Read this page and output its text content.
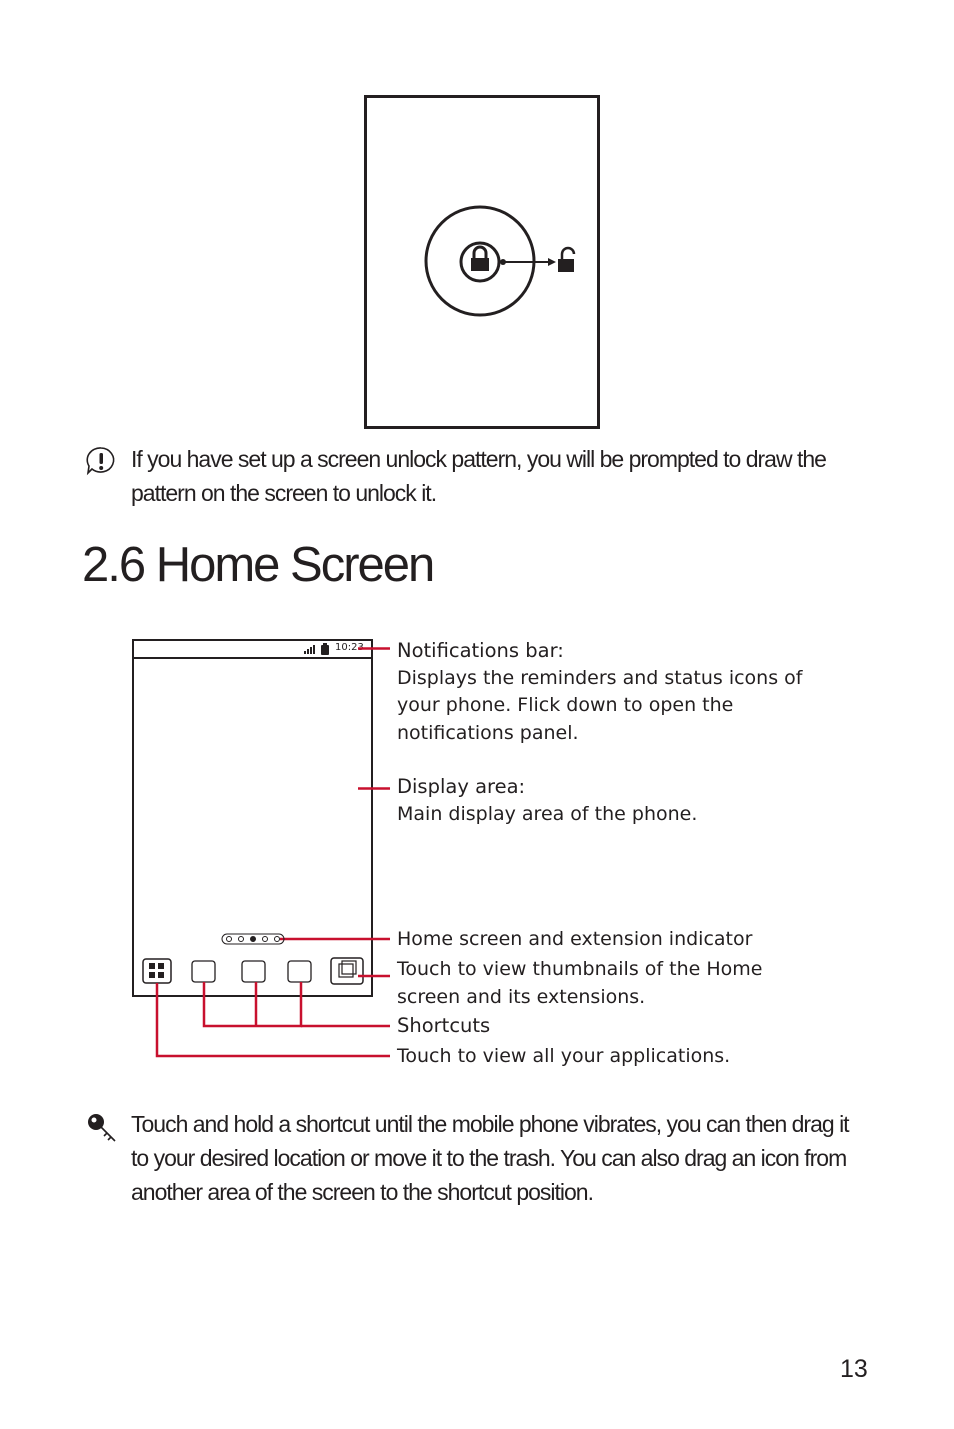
If you have set up a screen unlock pattern, you will be prompted to draw the
pattern on the screen to unlock it.
2.6 Home Screen
10:23 Notifications bar:
Displays the reminders and status icons of
your phone. Flick down to open the
notifications panel.
Display area:
Main display area of the phone.
Home screen and extension indicator
Touch to view thumbnails of the Home
screen and its extensions.
Shortcuts
Touch to view all your applications.
Touch and hold a shortcut until the mobile phone vibrates, you can then drag it
to your desired location or move it to the trash. You can also drag an icon from
another area of the screen to the shortcut position.
13
